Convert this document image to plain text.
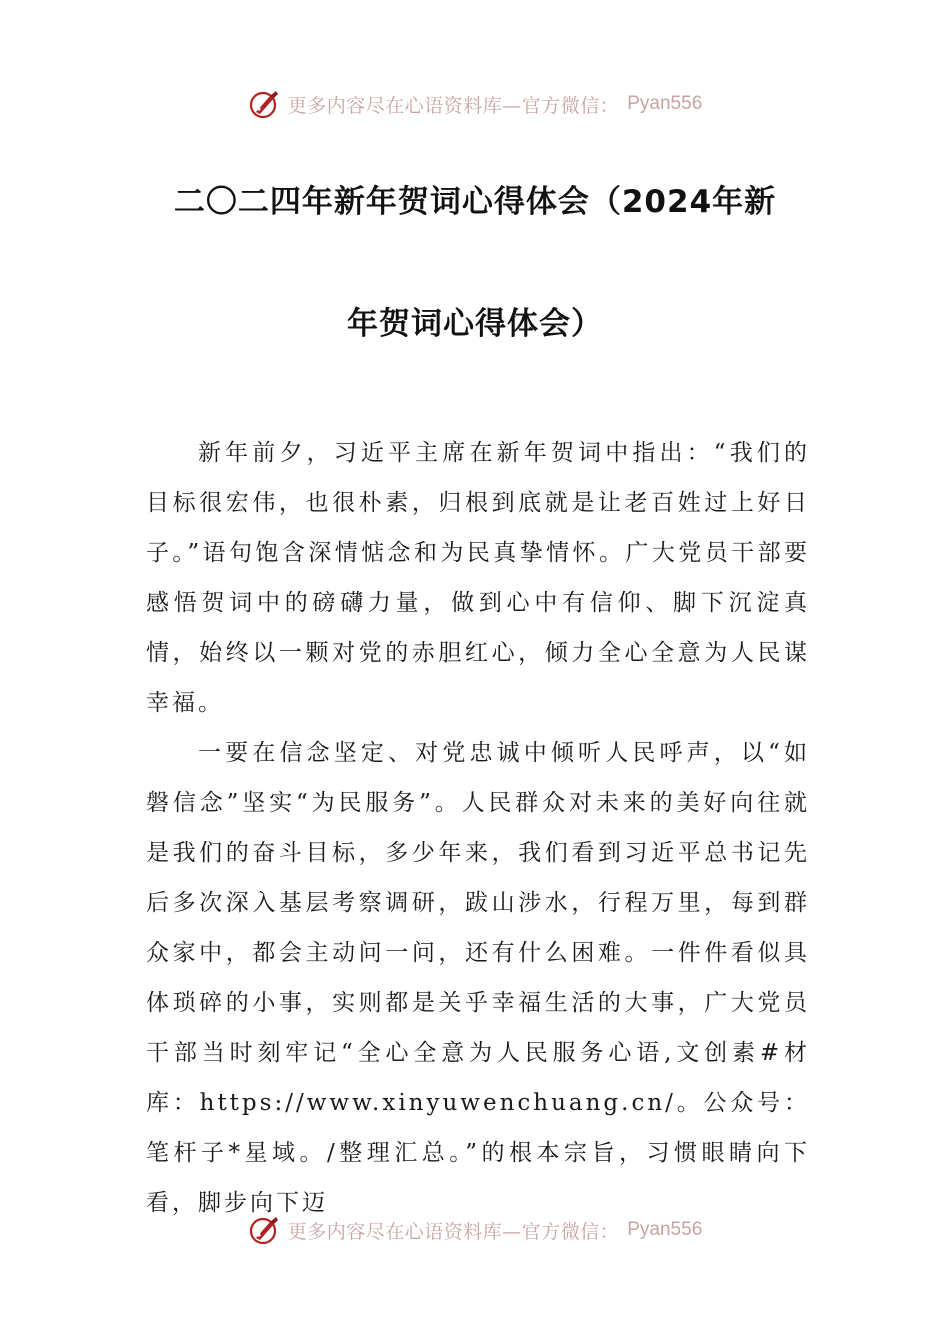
更多内容尽在心语资料库—官方微信： Pyan556
二〇二四年新年贺词心得体会（2024年新
年贺词心得体会）

新年前夕，习近平主席在新年贺词中指出：“我们的目标很宏伟，也很朴素，归根到底就是让老百姓过上好日子。”语句饱含深情惦念和为民真挚情怀。广大党员干部要感悟贺词中的磅礴力量，做到心中有信仰、脚下沉淀真情，始终以一颗对党的赤胆红心，倾力全心全意为人民谋幸福。

一要在信念坚定、对党忠诚中倾听人民呼声，以“如磐信念”坚实“为民服务”。人民群众对未来的美好向往就是我们的奋斗目标，多少年来，我们看到习近平总书记先后多次深入基层考察调研，跋山涉水，行程万里，每到群众家中，都会主动问一问，还有什么困难。一件件看似具体琐碎的小事，实则都是关乎幸福生活的大事，广大党员干部当时刻牢记“全心全意为人民服务心语,文创素#材库：https://www.xinyuwenchuang.cn/。公众号：笔杆子*星域。/整理汇总。”的根本宗旨，习惯眼睛向下看，脚步向下迈

更多内容尽在心语资料库—官方微信： Pyan556
